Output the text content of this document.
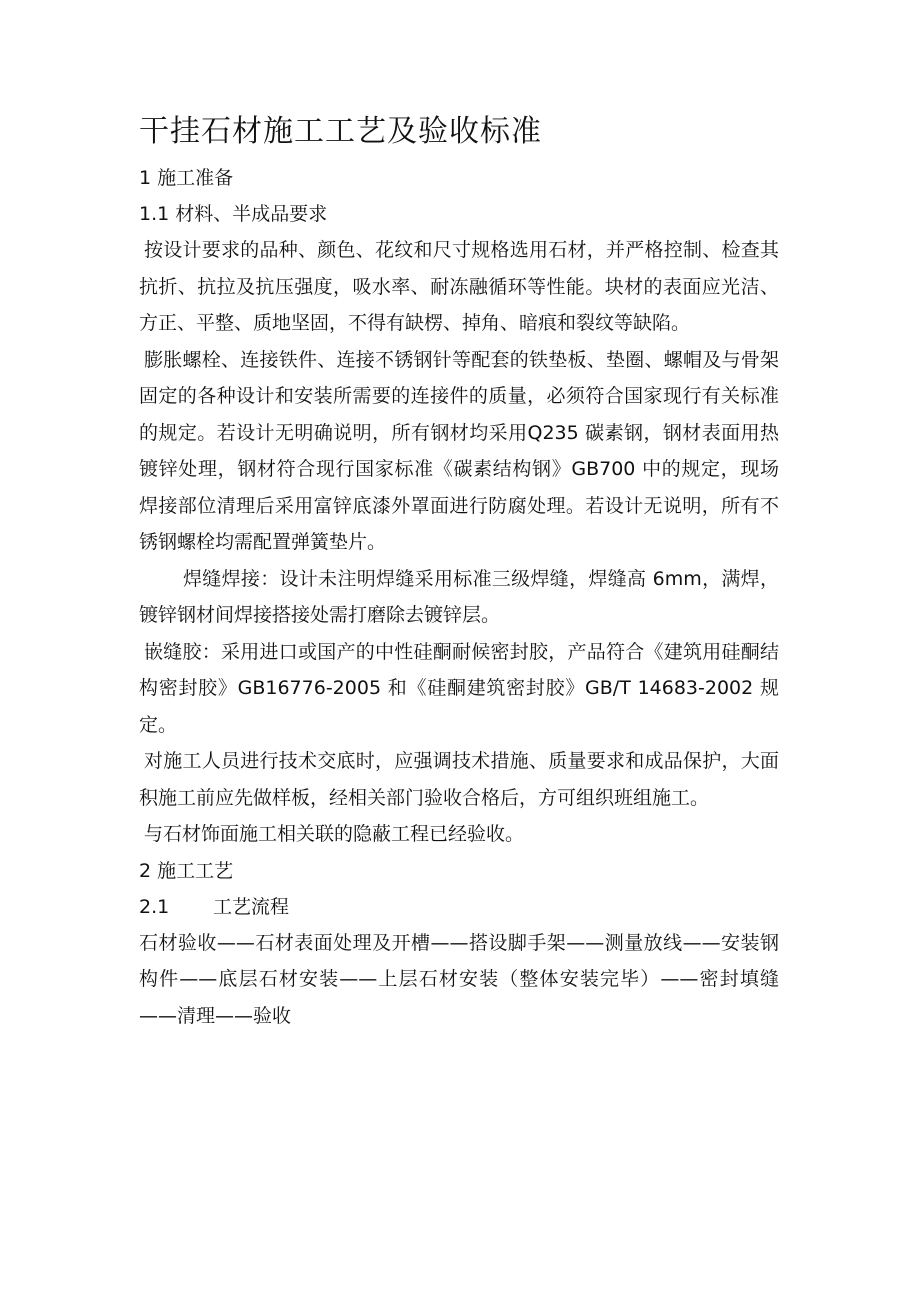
干挂石材施工工艺及验收标准

1 施工准备

1.1 材料、半成品要求

按设计要求的品种、颜色、花纹和尺寸规格选用石材，并严格控制、检查其抗折、抗拉及抗压强度，吸水率、耐冻融循环等性能。块材的表面应光洁、方正、平整、质地坚固，不得有缺楞、掉角、暗痕和裂纹等缺陷。

膨胀螺栓、连接铁件、连接不锈钢针等配套的铁垫板、垫圈、螺帽及与骨架固定的各种设计和安装所需要的连接件的质量，必须符合国家现行有关标准的规定。若设计无明确说明，所有钢材均采用Q235 碳素钢，钢材表面用热镀锌处理，钢材符合现行国家标准《碳素结构钢》GB700 中的规定，现场焊接部位清理后采用富锌底漆外罩面进行防腐处理。若设计无说明，所有不锈钢螺栓均需配置弹簧垫片。

焊缝焊接：设计未注明焊缝采用标准三级焊缝，焊缝高 6mm，满焊，镀锌钢材间焊接搭接处需打磨除去镀锌层。

嵌缝胶：采用进口或国产的中性硅酮耐候密封胶，产品符合《建筑用硅酮结构密封胶》GB16776-2005 和《硅酮建筑密封胶》GB/T 14683-2002 规定。

对施工人员进行技术交底时，应强调技术措施、质量要求和成品保护，大面积施工前应先做样板，经相关部门验收合格后，方可组织班组施工。

与石材饰面施工相关联的隐蔽工程已经验收。

2 施工工艺

2.1 工艺流程

石材验收——石材表面处理及开槽——搭设脚手架——测量放线——安装钢构件——底层石材安装——上层石材安装（整体安装完毕）——密封填缝——清理——验收
